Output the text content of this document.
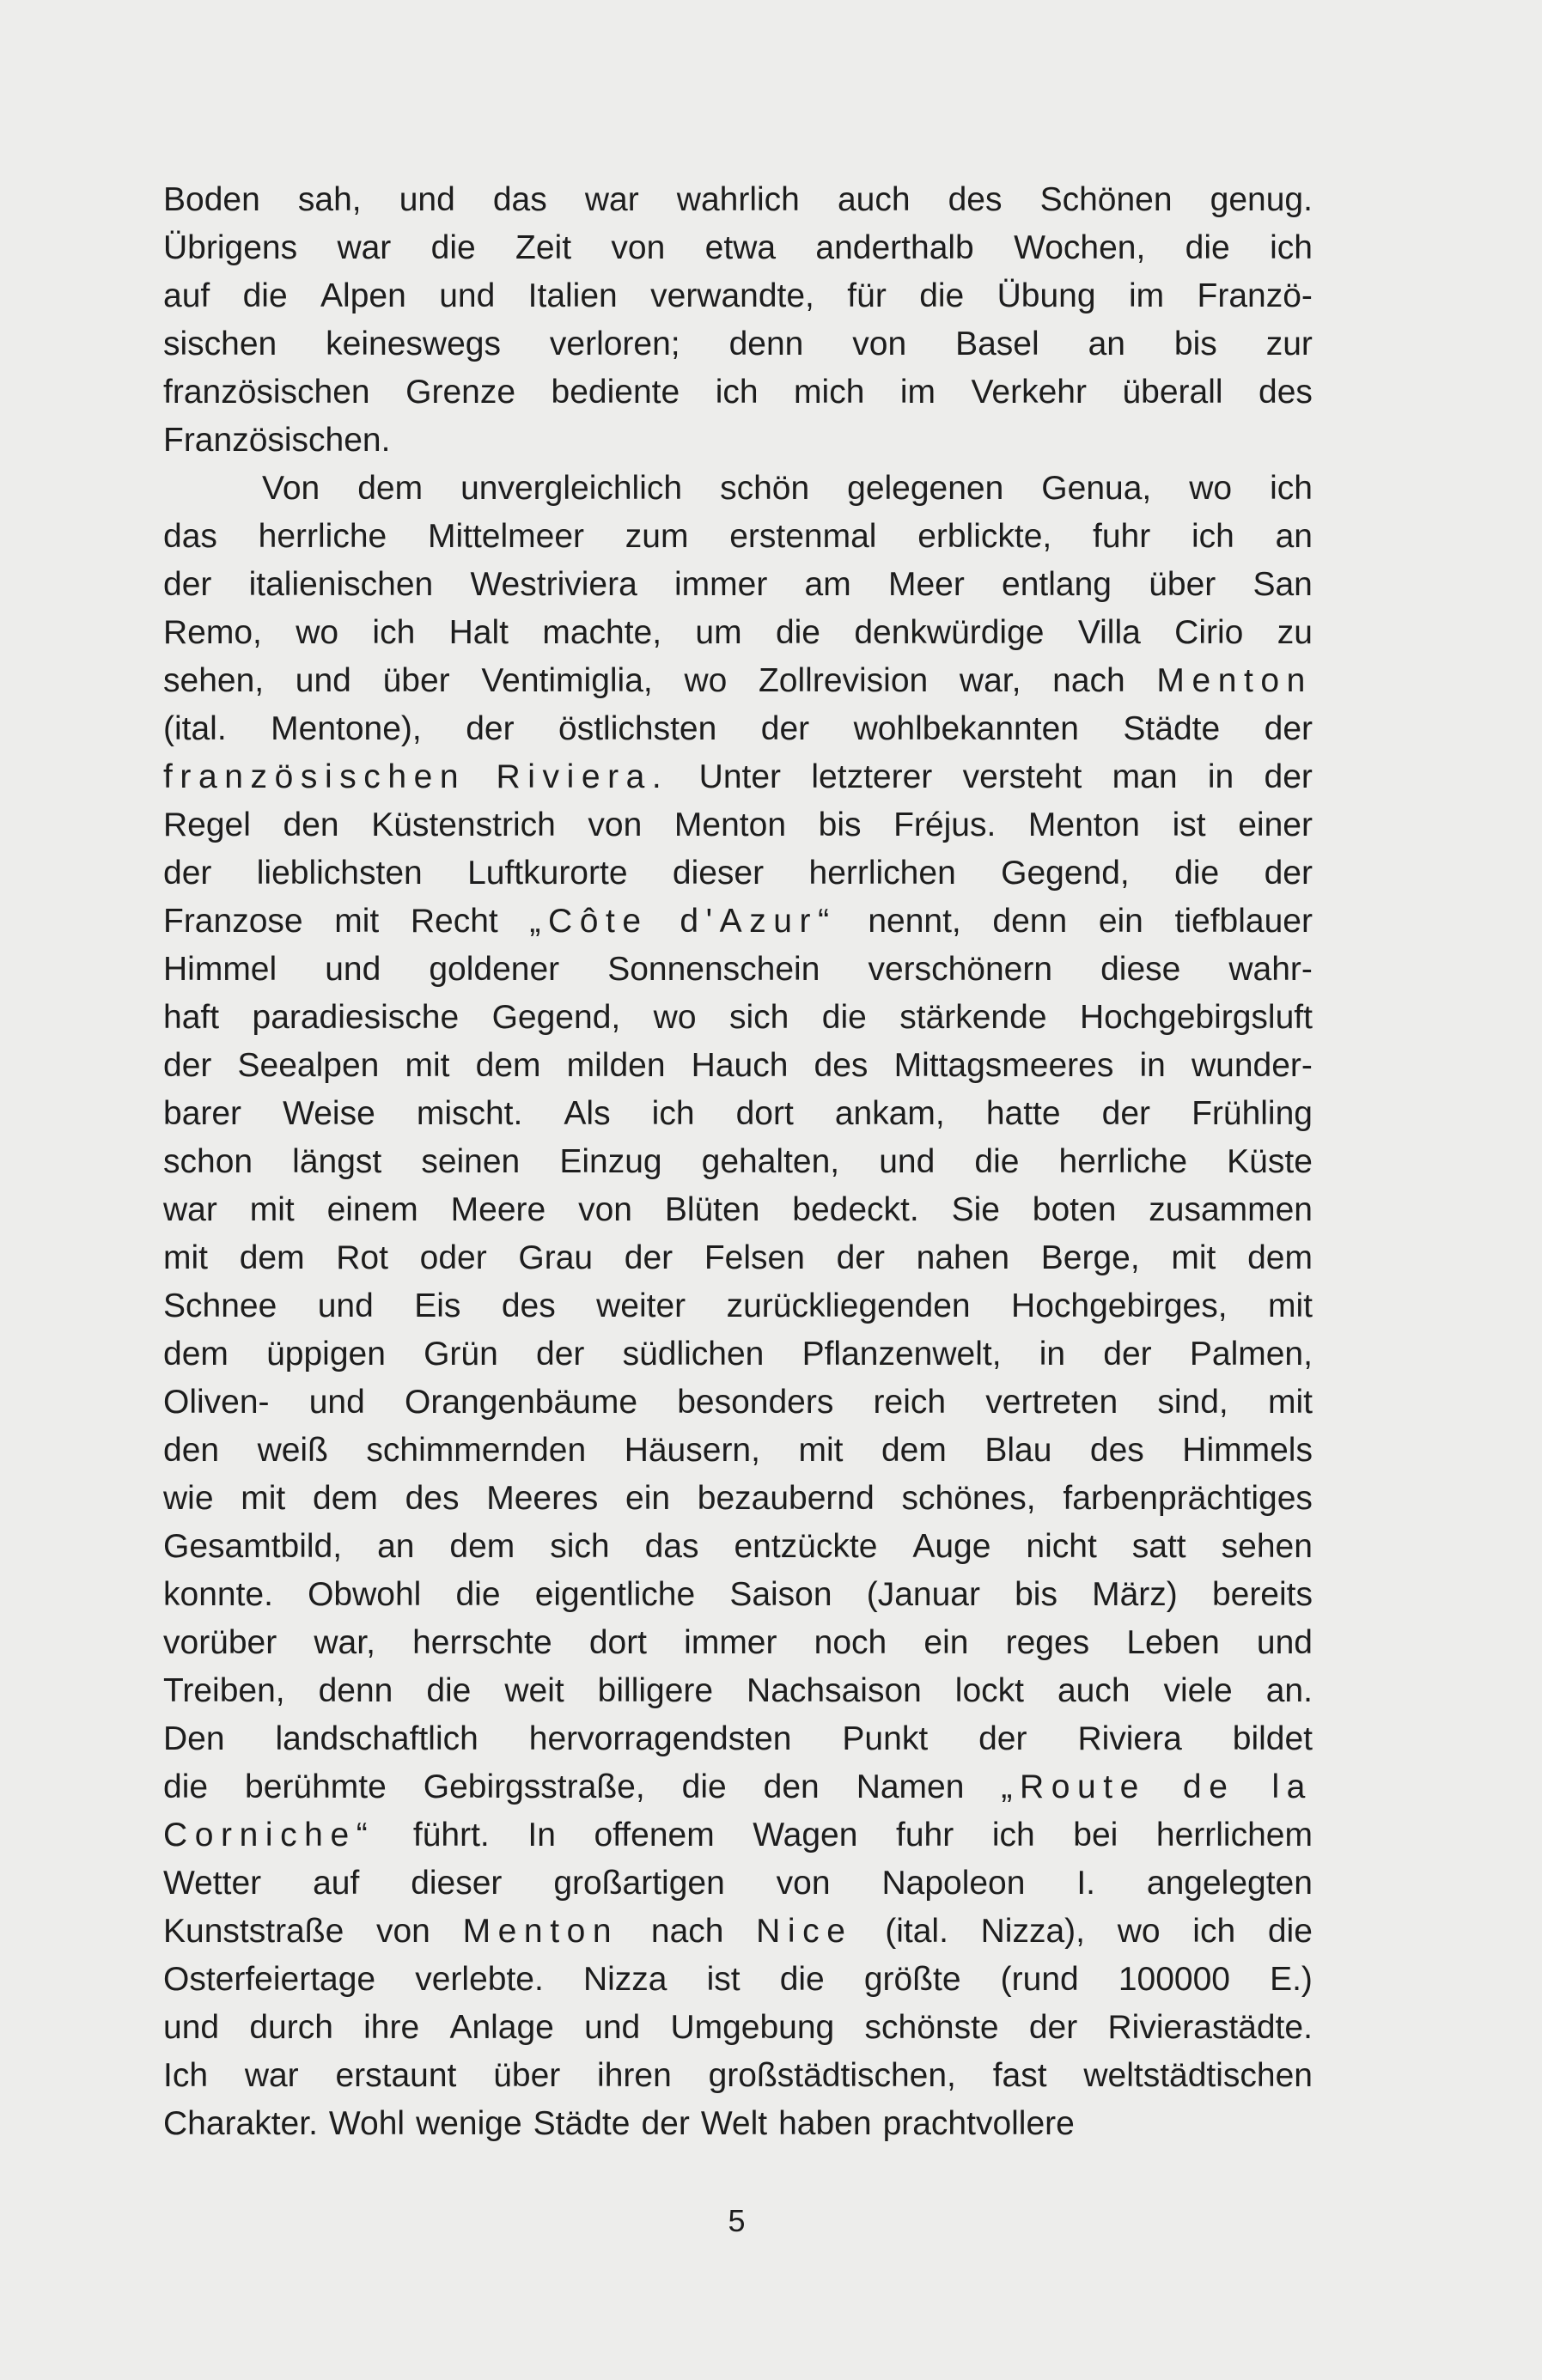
Boden sah, und das war wahrlich auch des Schönen genug.
Übrigens war die Zeit von etwa anderthalb Wochen, die ich
auf die Alpen und Italien verwandte, für die Übung im Franzö-
sischen keineswegs verloren; denn von Basel an bis zur
französischen Grenze bediente ich mich im Verkehr überall des
Französischen.
Von dem unvergleichlich schön gelegenen Genua, wo ich
das herrliche Mittelmeer zum erstenmal erblickte, fuhr ich an
der italienischen Westriviera immer am Meer entlang über San
Remo, wo ich Halt machte, um die denkwürdige Villa Cirio zu
sehen, und über Ventimiglia, wo Zollrevision war, nach Menton
(ital. Mentone), der östlichsten der wohlbekannten Städte der
französischen Riviera. Unter letzterer versteht man in der
Regel den Küstenstrich von Menton bis Fréjus. Menton ist einer
der lieblichsten Luftkurorte dieser herrlichen Gegend, die der
Franzose mit Recht „Côte d'Azur“ nennt, denn ein tiefblauer
Himmel und goldener Sonnenschein verschönern diese wahr-
haft paradiesische Gegend, wo sich die stärkende Hochgebirgsluft
der Seealpen mit dem milden Hauch des Mittagsmeeres in wunder-
barer Weise mischt. Als ich dort ankam, hatte der Frühling
schon längst seinen Einzug gehalten, und die herrliche Küste
war mit einem Meere von Blüten bedeckt. Sie boten zusammen
mit dem Rot oder Grau der Felsen der nahen Berge, mit dem
Schnee und Eis des weiter zurückliegenden Hochgebirges, mit
dem üppigen Grün der südlichen Pflanzenwelt, in der Palmen,
Oliven- und Orangenbäume besonders reich vertreten sind, mit
den weiß schimmernden Häusern, mit dem Blau des Himmels
wie mit dem des Meeres ein bezaubernd schönes, farbenprächtiges
Gesamtbild, an dem sich das entzückte Auge nicht satt sehen
konnte. Obwohl die eigentliche Saison (Januar bis März) bereits
vorüber war, herrschte dort immer noch ein reges Leben und
Treiben, denn die weit billigere Nachsaison lockt auch viele an.
Den landschaftlich hervorragendsten Punkt der Riviera bildet
die berühmte Gebirgsstraße, die den Namen „Route de la
Corniche“ führt. In offenem Wagen fuhr ich bei herrlichem
Wetter auf dieser großartigen von Napoleon I. angelegten
Kunststraße von Menton nach Nice (ital. Nizza), wo ich die
Osterfeiertage verlebte. Nizza ist die größte (rund 100000 E.)
und durch ihre Anlage und Umgebung schönste der Rivierastädte.
Ich war erstaunt über ihren großstädtischen, fast weltstädtischen
Charakter. Wohl wenige Städte der Welt haben prachtvollere
5
